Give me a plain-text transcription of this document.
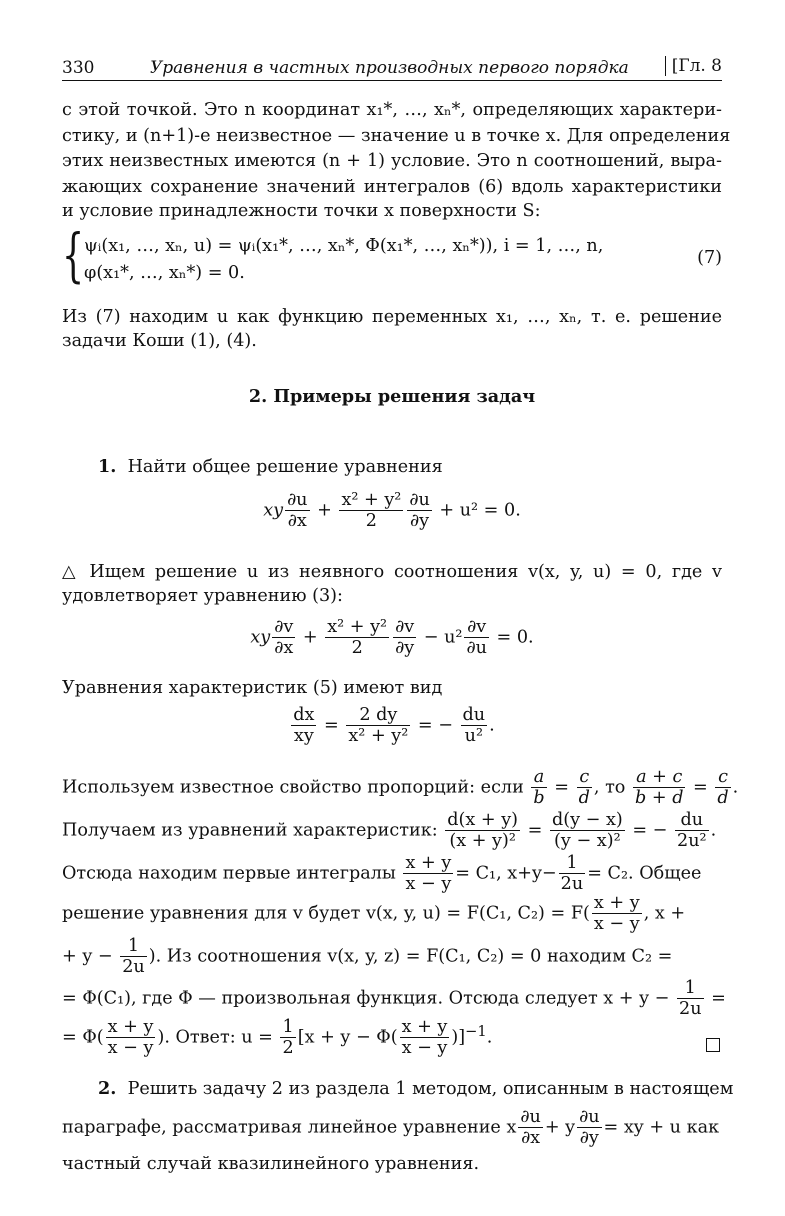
330	Уравнения в частных производных первого порядка	[Гл. 8
с этой точкой. Это n координат x₁*, …, xₙ*, определяющих характери-
стику, и (n+1)-е неизвестное — значение u в точке x. Для определения
этих неизвестных имеются (n + 1) условие. Это n соотношений, выра-
жающих сохранение значений интегралов (6) вдоль характеристики
и условие принадлежности точки x поверхности S:
{ ψᵢ(x₁, …, xₙ, u) = ψᵢ(x₁*, …, xₙ*, Φ(x₁*, …, xₙ*)), i = 1, …, n,
φ(x₁*, …, xₙ*) = 0.
(7)
Из (7) находим u как функцию переменных x₁, …, xₙ, т. е. решение
задачи Коши (1), (4).
2. Примеры решения задач
1. Найти общее решение уравнения
xy $\frac{\partial u}{\partial x} + \frac{\text{x² + y²}}{2} \frac{\partial u}{\partial y} + u^2 = 0$.
△ Ищем решение u из неявного соотношения v(x, y, u) = 0, где v
удовлетворяет уравнению (3):
xy $\frac{\partial v}{\partial x} + \frac{\text{x² + y²}}{2} \frac{\partial v}{\partial y} - u^2 \frac{\partial v}{\partial u} = 0$.
Уравнения характеристик (5) имеют вид
$\frac{dx}{xy} = \frac{2 dy}{\text{x² + y²}}$ = − $\frac{du}{\text{u²}}$ .
Используем известное свойство пропорций: если $\frac{a}{b} = \frac{c}{d}$ , то $\frac{a + c}{b + d} = \frac{c}{d}$ .
Получаем из уравнений характеристик: $\frac{d(x + y)}{\text{(x + y)²}} = \frac{d(y - x)}{\text{(y − x)²}}$ = − $\frac{du}{\text{2u²}}$ .
Отсюда находим первые интегралы $\frac{x + y}{x - y} = C_1$, $x+y- \frac{1}{2u} = C_2$. Общее
решение уравнения для v будет v(x, y, u) = F(C₁, $C_2) = F( \frac{x + y}{x - y}$ , x +
+ $y - \frac{1}{2u}$ ). Из соотношения v(x, y, z) = F(C₁, C₂) = 0 находим C₂ =
= Φ(C₁), где Φ — произвольная функция. Отсюда следует $x + y - \frac{1}{2u}$ =
= $\Phi( \frac{x + y}{x - y}$ ). Ответ: $u = \frac{1}{2} [x + y - \Phi( \frac{x + y}{x - y} )]^{-1}$.
2. Решить задачу 2 из раздела 1 методом, описанным в настоящем
параграфе, рассматривая линейное уравнение x $\frac{\partial u}{\partial x} + y \frac{\partial u}{\partial y}$ = xy + u как
частный случай квазилинейного уравнения.
